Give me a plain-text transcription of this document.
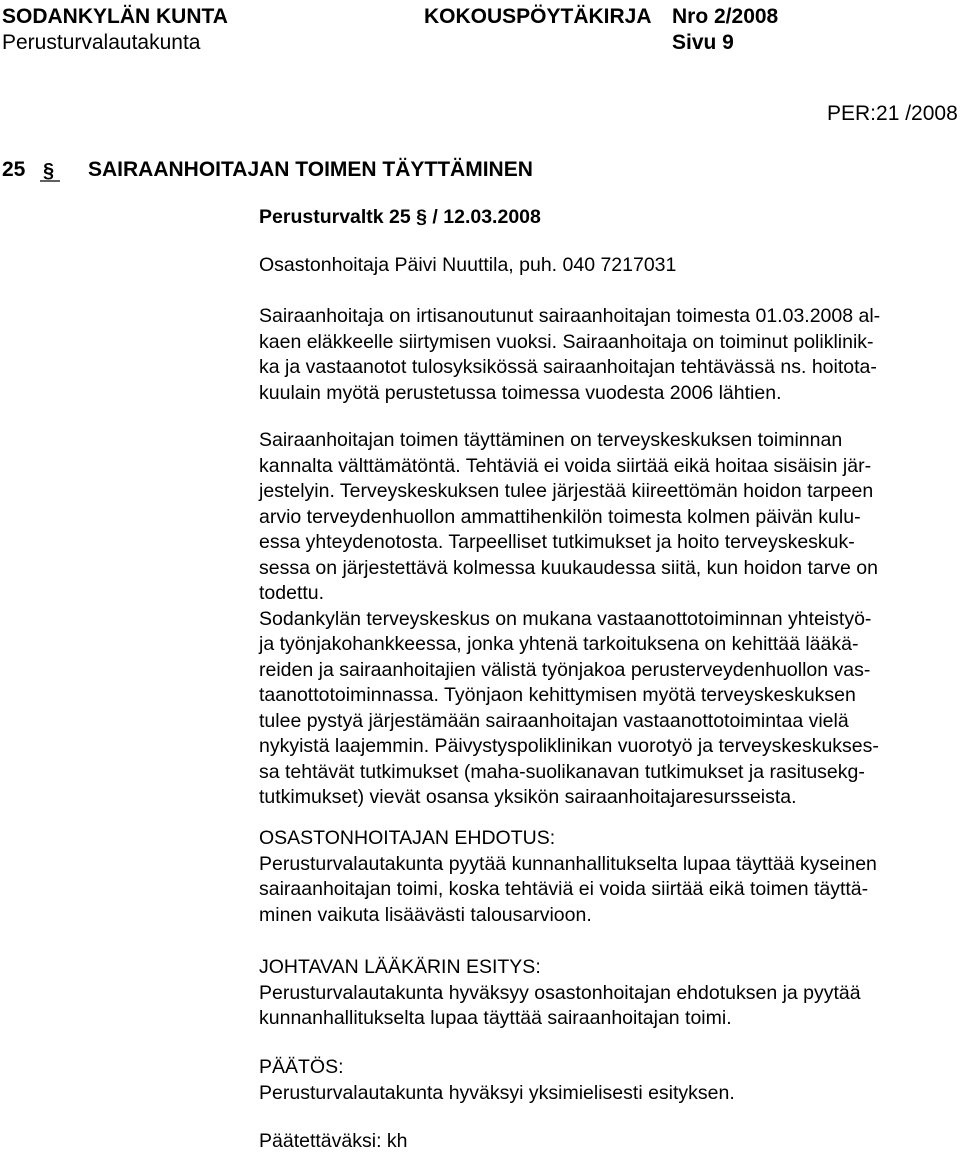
SODANKYLÄN KUNTA	KOKOUSPÖYTÄKIRJA Nro 2/2008
Perusturvalautakunta	Sivu 9
PER:21 /2008
25 § SAIRAANHOITAJAN TOIMEN TÄYTTÄMINEN
Perusturvaltk 25 § / 12.03.2008
Osastonhoitaja Päivi Nuuttila, puh. 040 7217031
Sairaanhoitaja on irtisanoutunut sairaanhoitajan toimesta 01.03.2008 al-
kaen eläkkeelle siirtymisen vuoksi. Sairaanhoitaja on toiminut poliklinik-
ka ja vastaanotot tulosyksikössä sairaanhoitajan tehtävässä ns. hoitota-
kuulain myötä perustetussa toimessa vuodesta 2006 lähtien.
Sairaanhoitajan toimen täyttäminen on terveyskeskuksen toiminnan
kannalta välttämätöntä. Tehtäviä ei voida siirtää eikä hoitaa sisäisin jär-
jestelyin. Terveyskeskuksen tulee järjestää kiireettömän hoidon tarpeen
arvio terveydenhuollon ammattihenkilön toimesta kolmen päivän kulu-
essa yhteydenotosta. Tarpeelliset tutkimukset ja hoito terveyskeskuk-
sessa on järjestettävä kolmessa kuukaudessa siitä, kun hoidon tarve on
todettu.
Sodankylän terveyskeskus on mukana vastaanottotoiminnan yhteistyö-
ja työnjakohankkeessa, jonka yhtenä tarkoituksena on kehittää lääkä-
reiden ja sairaanhoitajien välistä työnjakoa perusterveydenhuollon vas-
taanottotoiminnassa. Työnjaon kehittymisen myötä terveyskeskuksen
tulee pystyä järjestämään sairaanhoitajan vastaanottotoimintaa vielä
nykyistä laajemmin. Päivystyspoliklinikan vuorotyö ja terveyskeskukses-
sa tehtävät tutkimukset (maha-suolikanavan tutkimukset ja rasitusekg-
tutkimukset) vievät osansa yksikön sairaanhoitajaresursseista.
OSASTONHOITAJAN EHDOTUS:
Perusturvalautakunta pyytää kunnanhallitukselta lupaa täyttää kyseinen
sairaanhoitajan toimi, koska tehtäviä ei voida siirtää eikä toimen täyttä-
minen vaikuta lisäävästi talousarvioon.
JOHTAVAN LÄÄKÄRIN ESITYS:
Perusturvalautakunta hyväksyy osastonhoitajan ehdotuksen ja pyytää
kunnanhallitukselta lupaa täyttää sairaanhoitajan toimi.
PÄÄTÖS:
Perusturvalautakunta hyväksyi yksimielisesti esityksen.
Päätettäväksi: kh
